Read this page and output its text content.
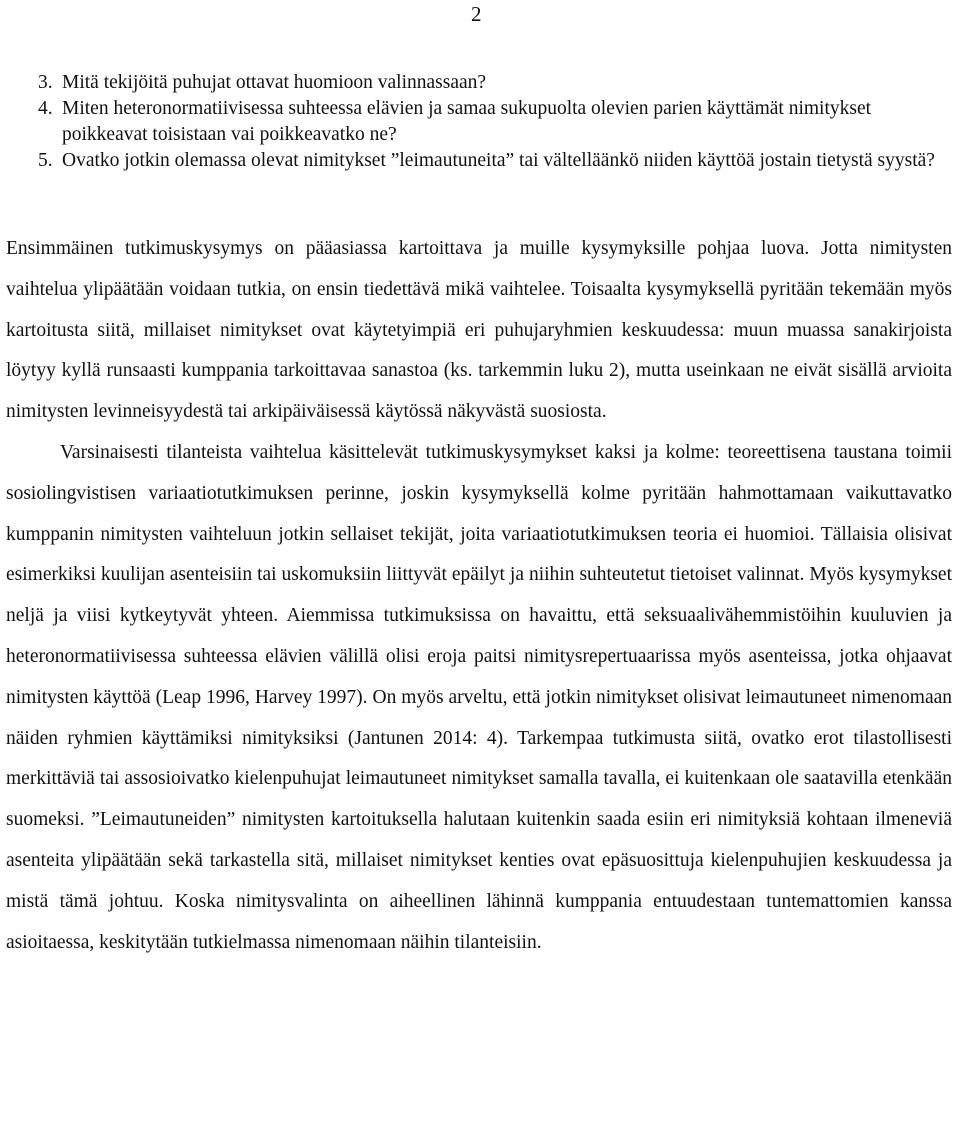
2
3. Mitä tekijöitä puhujat ottavat huomioon valinnassaan?
4. Miten heteronormatiivisessa suhteessa elävien ja samaa sukupuolta olevien parien käyttämät nimitykset poikkeavat toisistaan vai poikkeavatko ne?
5. Ovatko jotkin olemassa olevat nimitykset ”leimautuneita” tai vältelläänkö niiden käyttöä jostain tietystä syystä?

Ensimmäinen tutkimuskysymys on pääasiassa kartoittava ja muille kysymyksille pohjaa luova. Jotta nimitysten vaihtelua ylipäätään voidaan tutkia, on ensin tiedettävä mikä vaihtelee. Toisaalta kysymyksellä pyritään tekemään myös kartoitusta siitä, millaiset nimitykset ovat käytetyimpiä eri puhujaryhmien keskuudessa: muun muassa sanakirjoista löytyy kyllä runsaasti kumppania tarkoittavaa sanastoa (ks. tarkemmin luku 2), mutta useinkaan ne eivät sisällä arvioita nimitysten levinneisyydestä tai arkipäiväisessä käytössä näkyvästä suosiosta.

Varsinaisesti tilanteista vaihtelua käsittelevät tutkimuskysymykset kaksi ja kolme: teoreettisena taustana toimii sosiolingvistisen variaatiotutkimuksen perinne, joskin kysymyksellä kolme pyritään hahmottamaan vaikuttavatko kumppanin nimitysten vaihteluun jotkin sellaiset tekijät, joita variaatiotutkimuksen teoria ei huomioi. Tällaisia olisivat esimerkiksi kuulijan asenteisiin tai uskomuksiin liittyvät epäilyt ja niihin suhteutetut tietoiset valinnat. Myös kysymykset neljä ja viisi kytkeytyvät yhteen. Aiemmissa tutkimuksissa on havaittu, että seksuaalivähemmistöihin kuuluvien ja heteronormatiivisessa suhteessa elävien välillä olisi eroja paitsi nimitysrepertuaarissa myös asenteissa, jotka ohjaavat nimitysten käyttöä (Leap 1996, Harvey 1997). On myös arveltu, että jotkin nimitykset olisivat leimautuneet nimenomaan näiden ryhmien käyttämiksi nimityksiksi (Jantunen 2014: 4). Tarkempaa tutkimusta siitä, ovatko erot tilastollisesti merkittäviä tai assosioivatko kielenpuhujat leimautuneet nimitykset samalla tavalla, ei kuitenkaan ole saatavilla etenkään suomeksi. ”Leimautuneiden” nimitysten kartoituksella halutaan kuitenkin saada esiin eri nimityksiä kohtaan ilmeneviä asenteita ylipäätään sekä tarkastella sitä, millaiset nimitykset kenties ovat epäsuosittuja kielenpuhujien keskuudessa ja mistä tämä johtuu. Koska nimitysvalinta on aiheellinen lähinnä kumppania entuudestaan tuntemattomien kanssa asioitaessa, keskitytään tutkielmassa nimenomaan näihin tilanteisiin.
